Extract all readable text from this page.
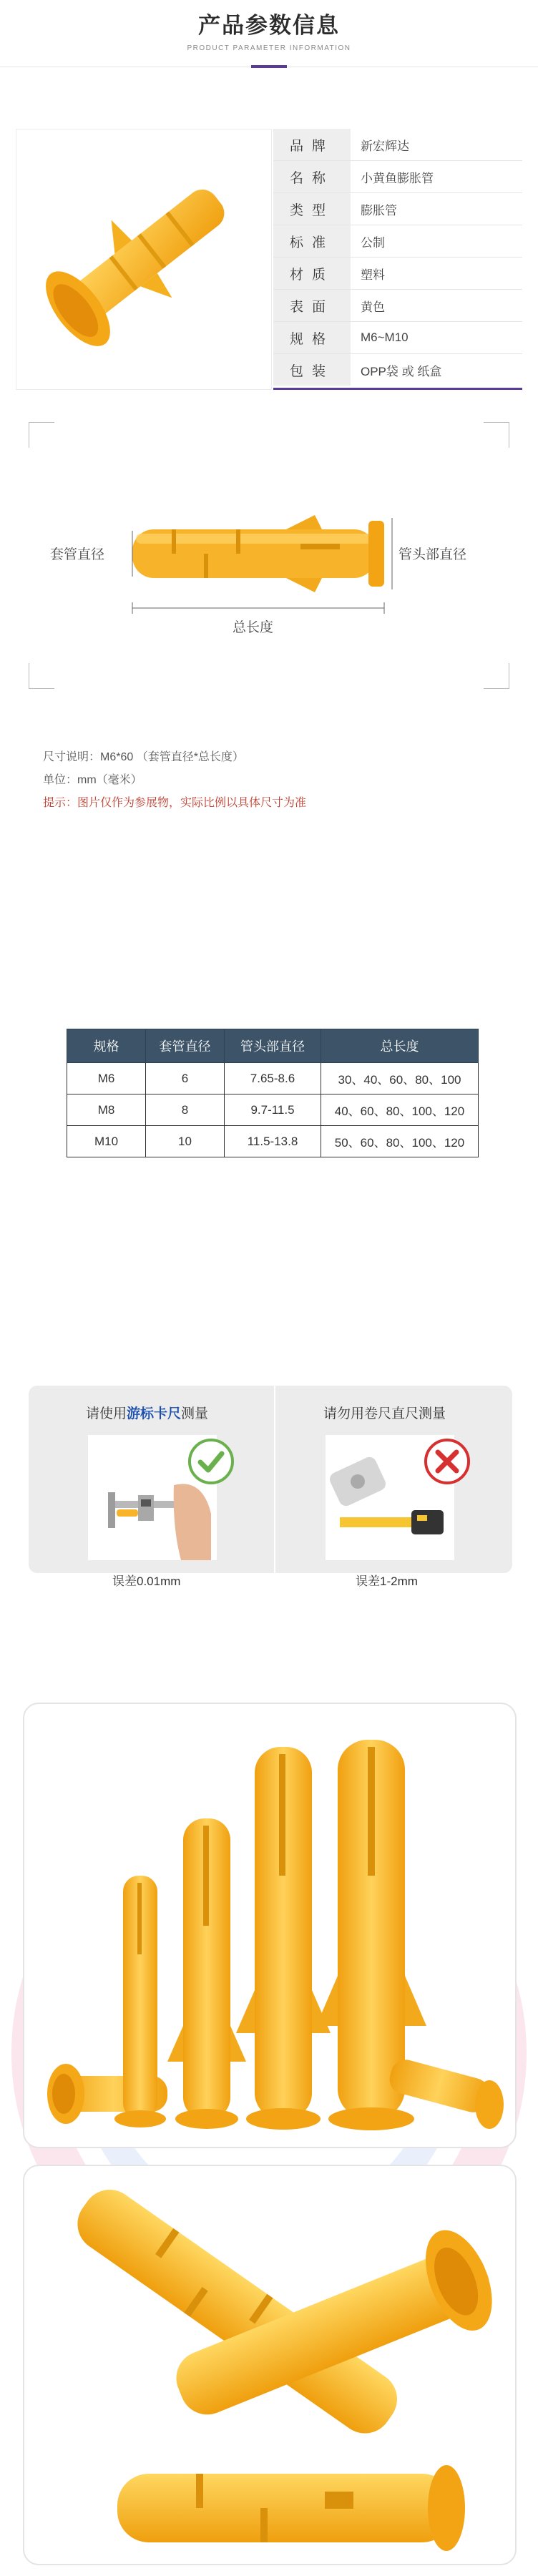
产品参数信息
PRODUCT PARAMETER INFORMATION
品牌	新宏辉达
名称	小黄鱼膨胀管
类型	膨胀管
标准	公制
材质	塑料
表面	黄色
规格	M6~M10
包装	OPP袋 或 纸盒
套管直径	管头部直径
总长度
尺寸说明：M6*60 （套管直径*总长度）
单位：mm（毫米）
提示：图片仅作为参展物，实际比例以具体尺寸为准
规格	套管直径	管头部直径	总长度
M6	6	7.65-8.6	30、40、60、80、100
M8	8	9.7-11.5	40、60、80、100、120
M10	10	11.5-13.8	50、60、80、100、120
请使用游标卡尺测量
误差0.01mm
请勿用卷尺直尺测量
误差1-2mm
